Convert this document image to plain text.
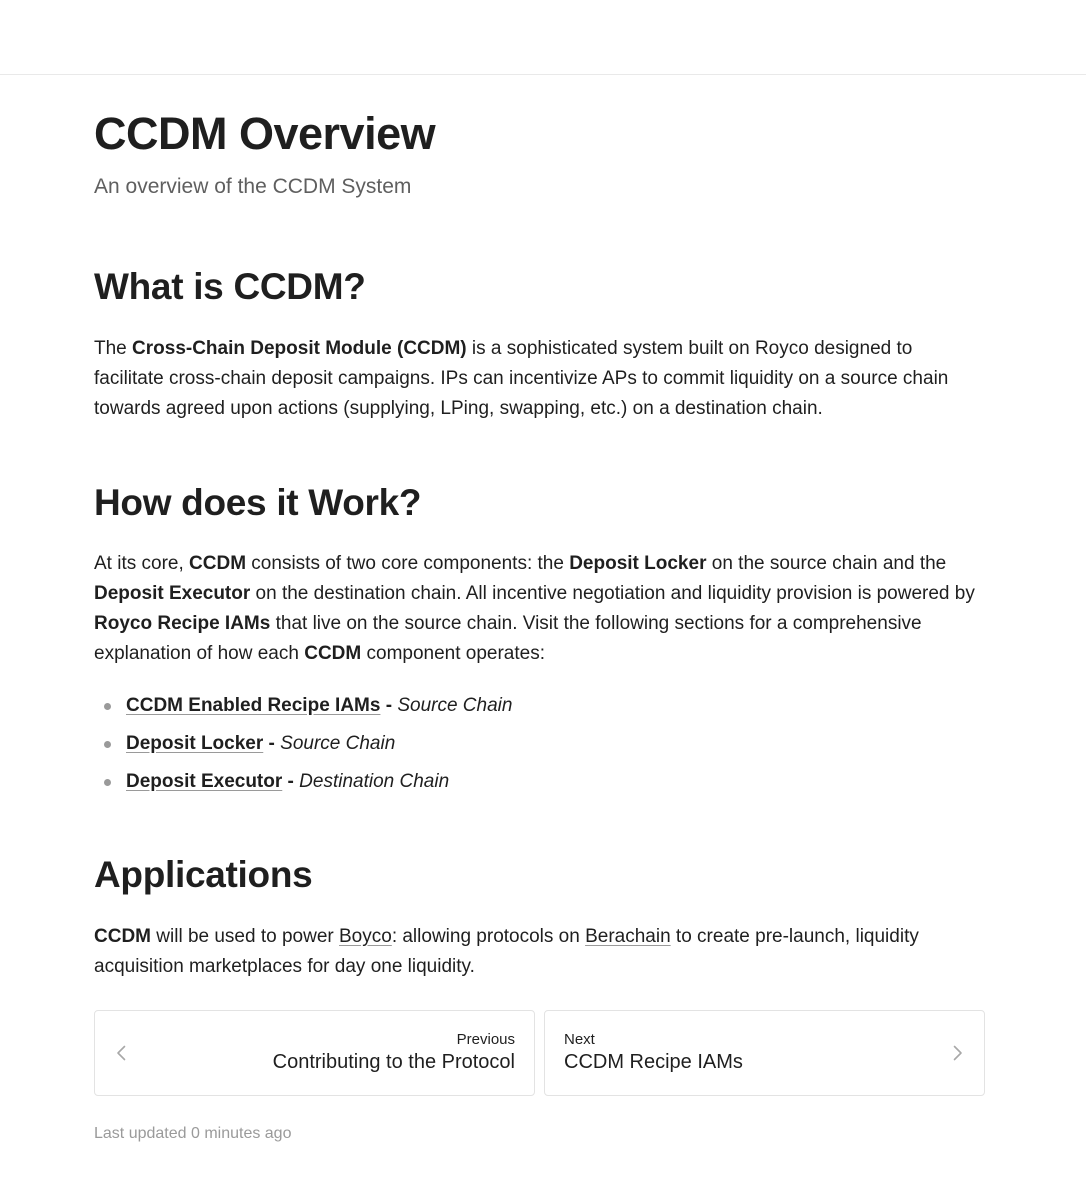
CCDM Overview
An overview of the CCDM System
What is CCDM?

The Cross-Chain Deposit Module (CCDM) is a sophisticated system built on Royco designed to facilitate cross-chain deposit campaigns. IPs can incentivize APs to commit liquidity on a source chain towards agreed upon actions (supplying, LPing, swapping, etc.) on a destination chain.

How does it Work?

At its core, CCDM consists of two core components: the Deposit Locker on the source chain and the Deposit Executor on the destination chain. All incentive negotiation and liquidity provision is powered by Royco Recipe IAMs that live on the source chain. Visit the following sections for a comprehensive explanation of how each CCDM component operates:

CCDM Enabled Recipe IAMs - Source Chain
Deposit Locker - Source Chain
Deposit Executor - Destination Chain
Applications

CCDM will be used to power Boyco: allowing protocols on Berachain to create pre-launch, liquidity acquisition marketplaces for day one liquidity.

Previous
Contributing to the Protocol
Next
CCDM Recipe IAMs
Last updated 0 minutes ago
